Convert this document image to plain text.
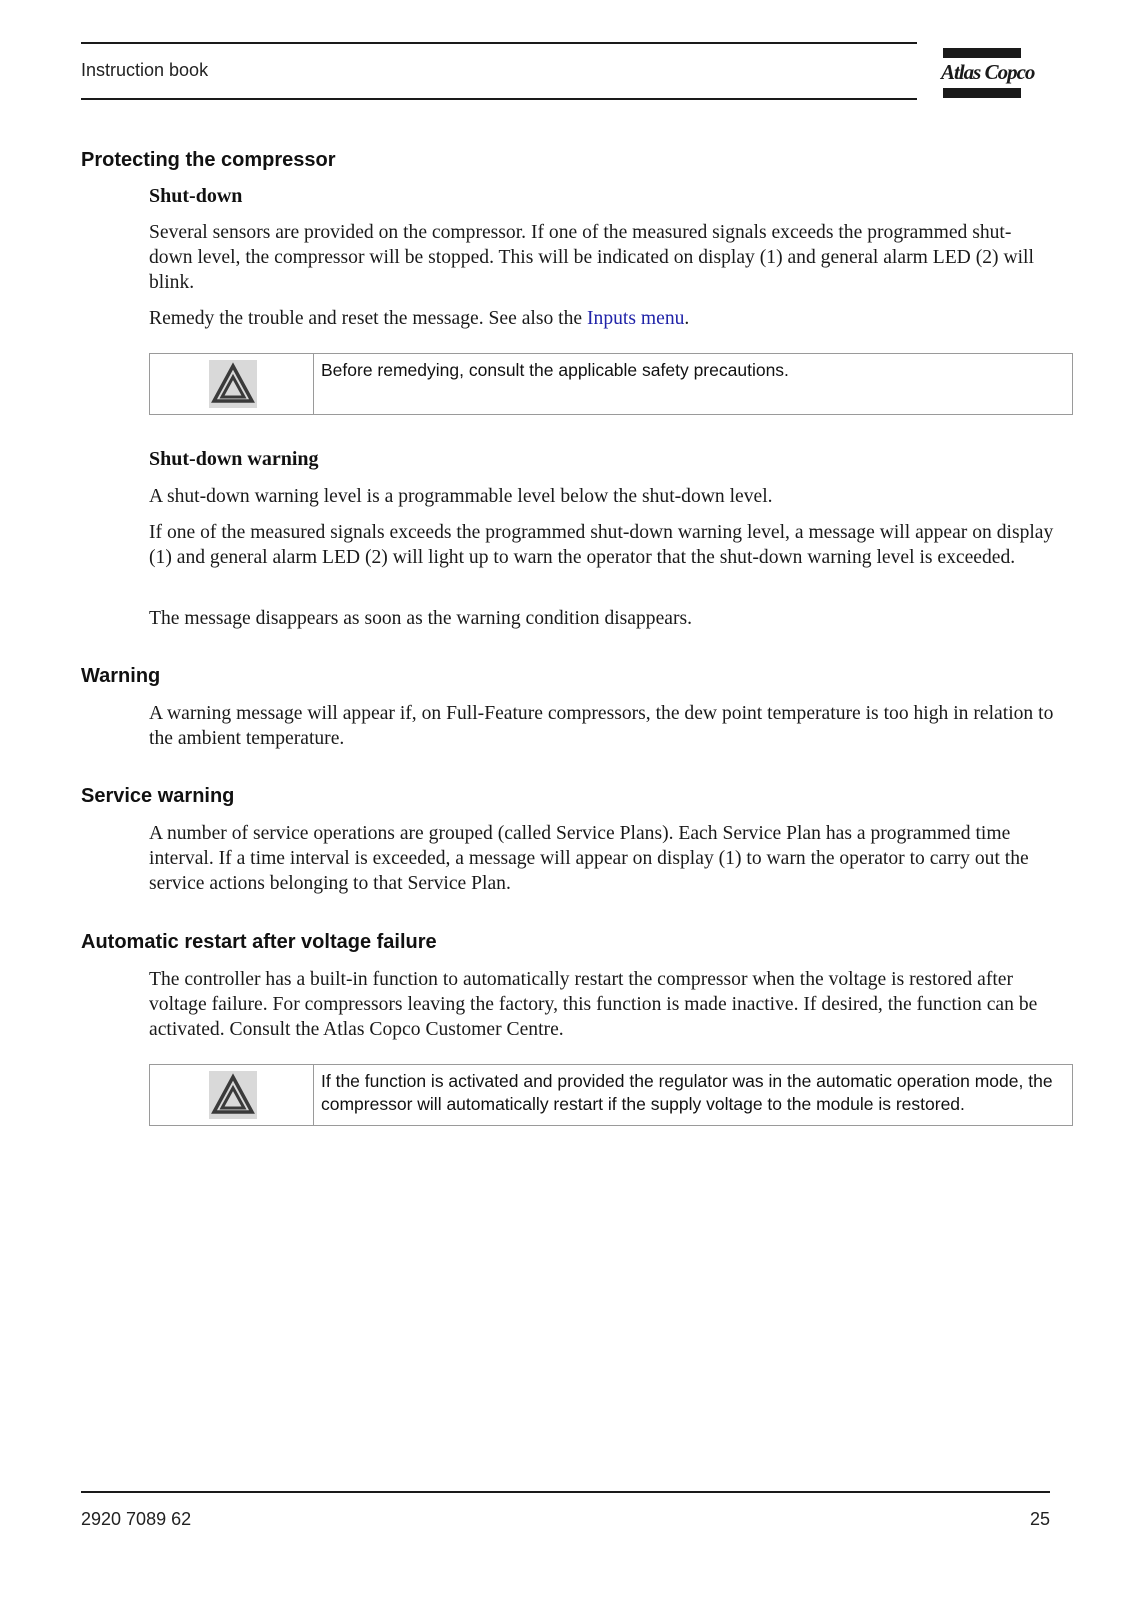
Instruction book	Atlas Copco
Protecting the compressor
Shut-down
Several sensors are provided on the compressor. If one of the measured signals exceeds the programmed shut-down level, the compressor will be stopped. This will be indicated on display (1) and general alarm LED (2) will blink.
Remedy the trouble and reset the message. See also the Inputs menu.
Before remedying, consult the applicable safety precautions.
Shut-down warning
A shut-down warning level is a programmable level below the shut-down level.
If one of the measured signals exceeds the programmed shut-down warning level, a message will appear on display (1) and general alarm LED (2) will light up to warn the operator that the shut-down warning level is exceeded.
The message disappears as soon as the warning condition disappears.
Warning
A warning message will appear if, on Full-Feature compressors, the dew point temperature is too high in relation to the ambient temperature.
Service warning
A number of service operations are grouped (called Service Plans). Each Service Plan has a programmed time interval. If a time interval is exceeded, a message will appear on display (1) to warn the operator to carry out the service actions belonging to that Service Plan.
Automatic restart after voltage failure
The controller has a built-in function to automatically restart the compressor when the voltage is restored after voltage failure. For compressors leaving the factory, this function is made inactive. If desired, the function can be activated. Consult the Atlas Copco Customer Centre.
If the function is activated and provided the regulator was in the automatic operation mode, the compressor will automatically restart if the supply voltage to the module is restored.
2920 7089 62	25
